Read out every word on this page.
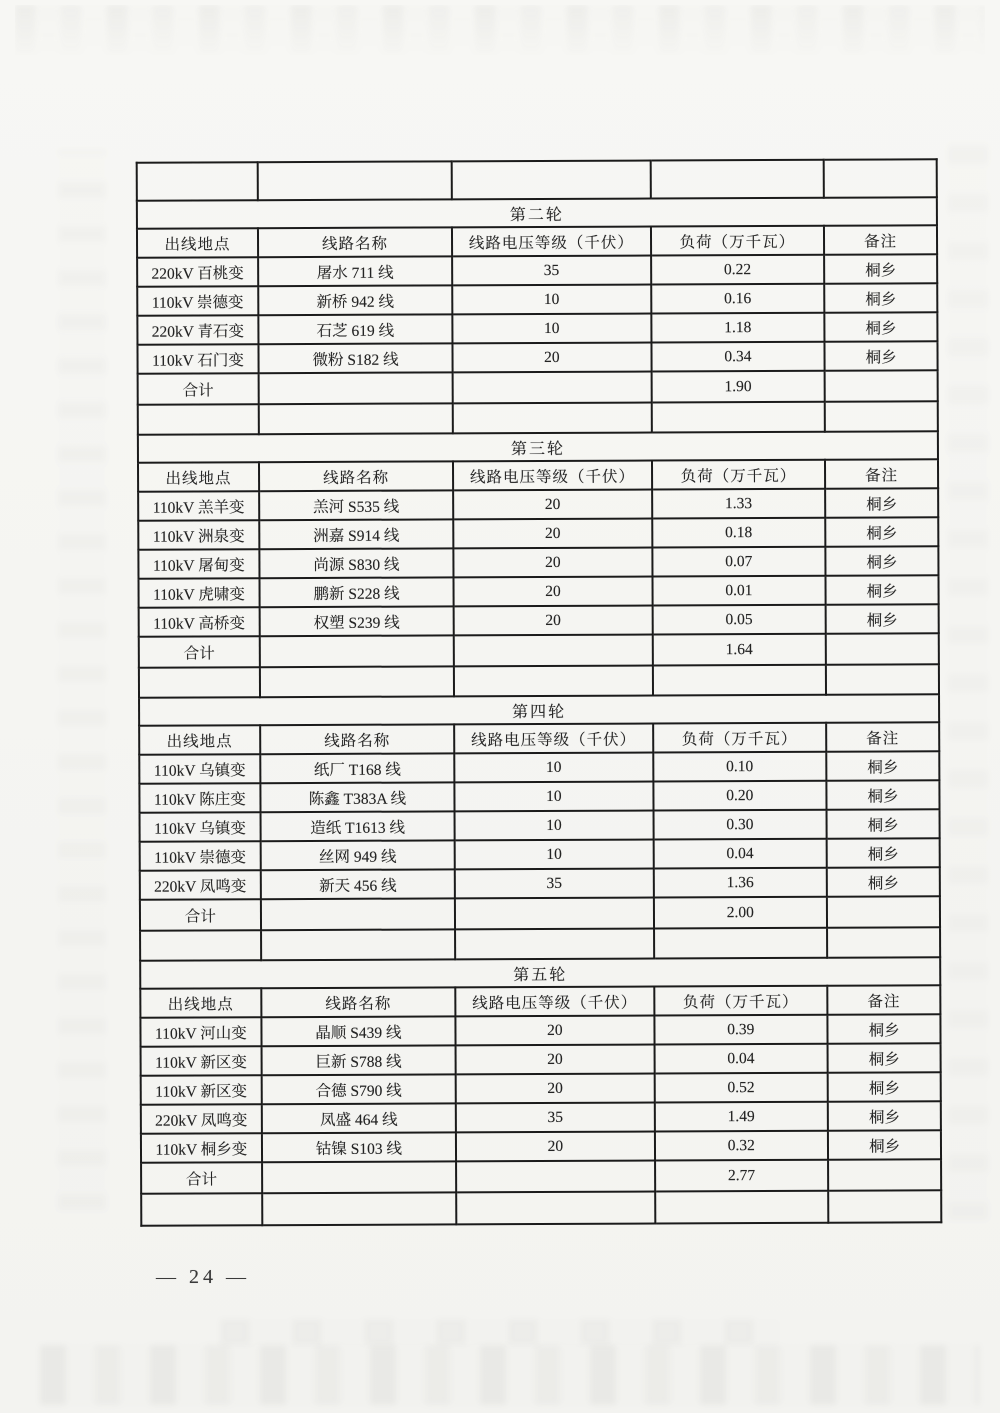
第二轮				
出线地点	线路名称	线路电压等级（千伏）	负荷（万千瓦）	备注
220kV 百桃变	屠水 711 线	35	0.22	桐乡
110kV 崇德变	新桥 942 线	10	0.16	桐乡
220kV 青石变	石芝 619 线	10	1.18	桐乡
110kV 石门变	微粉 S182 线	20	0.34	桐乡
合计			1.90	

第三轮				
出线地点	线路名称	线路电压等级（千伏）	负荷（万千瓦）	备注
110kV 羔羊变	羔河 S535 线	20	1.33	桐乡
110kV 洲泉变	洲嘉 S914 线	20	0.18	桐乡
110kV 屠甸变	尚源 S830 线	20	0.07	桐乡
110kV 虎啸变	鹏新 S228 线	20	0.01	桐乡
110kV 高桥变	权塑 S239 线	20	0.05	桐乡
合计			1.64	

第四轮				
出线地点	线路名称	线路电压等级（千伏）	负荷（万千瓦）	备注
110kV 乌镇变	纸厂 T168 线	10	0.10	桐乡
110kV 陈庄变	陈鑫 T383A 线	10	0.20	桐乡
110kV 乌镇变	造纸 T1613 线	10	0.30	桐乡
110kV 崇德变	丝网 949 线	10	0.04	桐乡
220kV 凤鸣变	新天 456 线	35	1.36	桐乡
合计			2.00	

第五轮				
出线地点	线路名称	线路电压等级（千伏）	负荷（万千瓦）	备注
110kV 河山变	晶顺 S439 线	20	0.39	桐乡
110kV 新区变	巨新 S788 线	20	0.04	桐乡
110kV 新区变	合德 S790 线	20	0.52	桐乡
220kV 凤鸣变	凤盛 464 线	35	1.49	桐乡
110kV 桐乡变	钴镍 S103 线	20	0.32	桐乡
合计			2.77	

— 24 —
